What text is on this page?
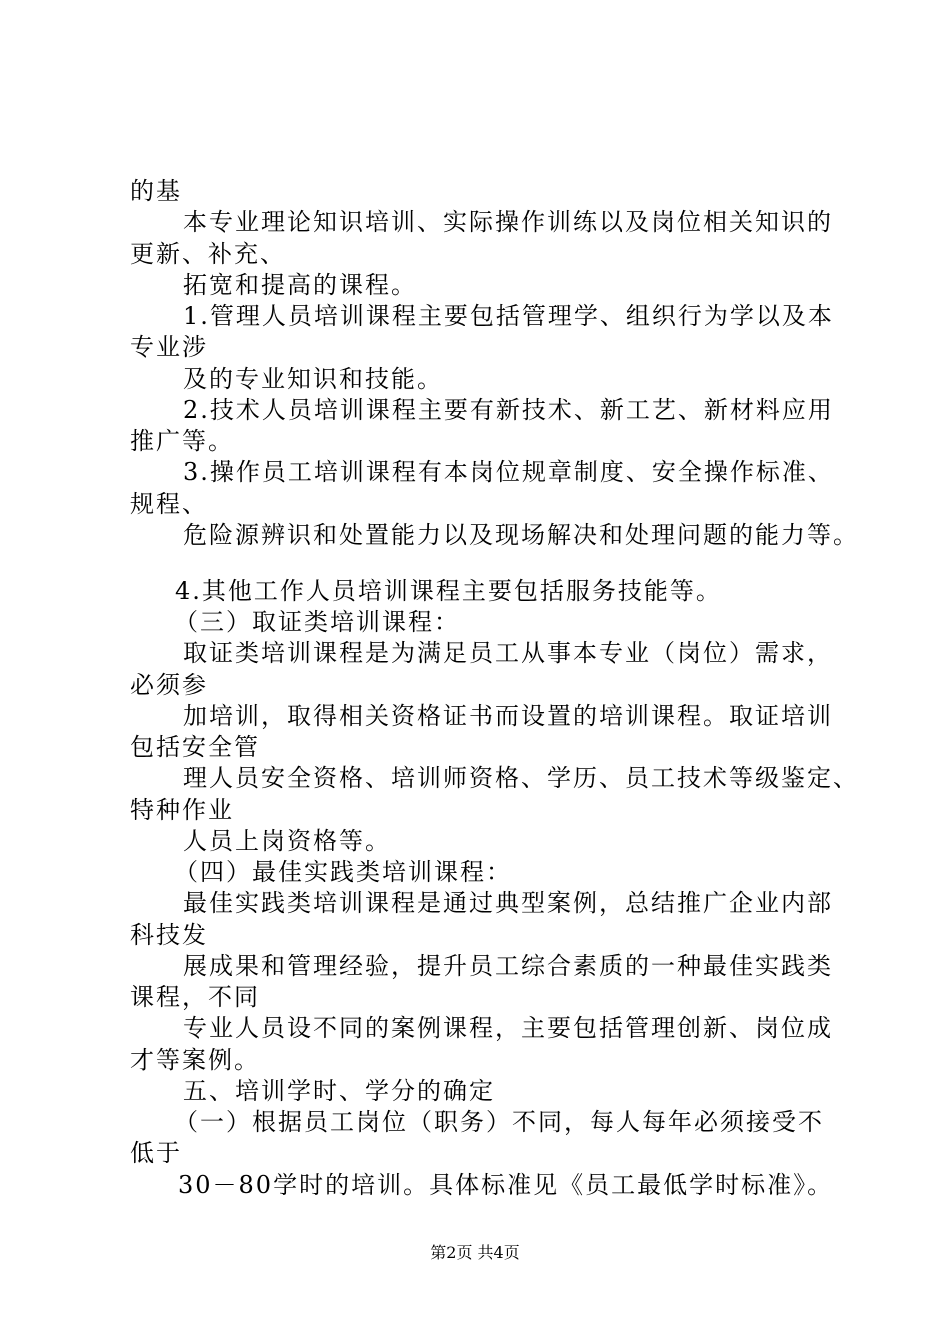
的基
本专业理论知识培训、实际操作训练以及岗位相关知识的
更新、补充、
拓宽和提高的课程。
1.管理人员培训课程主要包括管理学、组织行为学以及本
专业涉
及的专业知识和技能。
2.技术人员培训课程主要有新技术、新工艺、新材料应用
推广等。
3.操作员工培训课程有本岗位规章制度、安全操作标准、
规程、
危险源辨识和处置能力以及现场解决和处理问题的能力等。
4.其他工作人员培训课程主要包括服务技能等。
（三）取证类培训课程：
取证类培训课程是为满足员工从事本专业（岗位）需求，
必须参
加培训，取得相关资格证书而设置的培训课程。取证培训
包括安全管
理人员安全资格、培训师资格、学历、员工技术等级鉴定、
特种作业
人员上岗资格等。
（四）最佳实践类培训课程：
最佳实践类培训课程是通过典型案例，总结推广企业内部
科技发
展成果和管理经验，提升员工综合素质的一种最佳实践类
课程，不同
专业人员设不同的案例课程，主要包括管理创新、岗位成
才等案例。
五、培训学时、学分的确定
（一）根据员工岗位（职务）不同，每人每年必须接受不
低于
30－80学时的培训。具体标准见《员工最低学时标准》。
第2页 共4页
